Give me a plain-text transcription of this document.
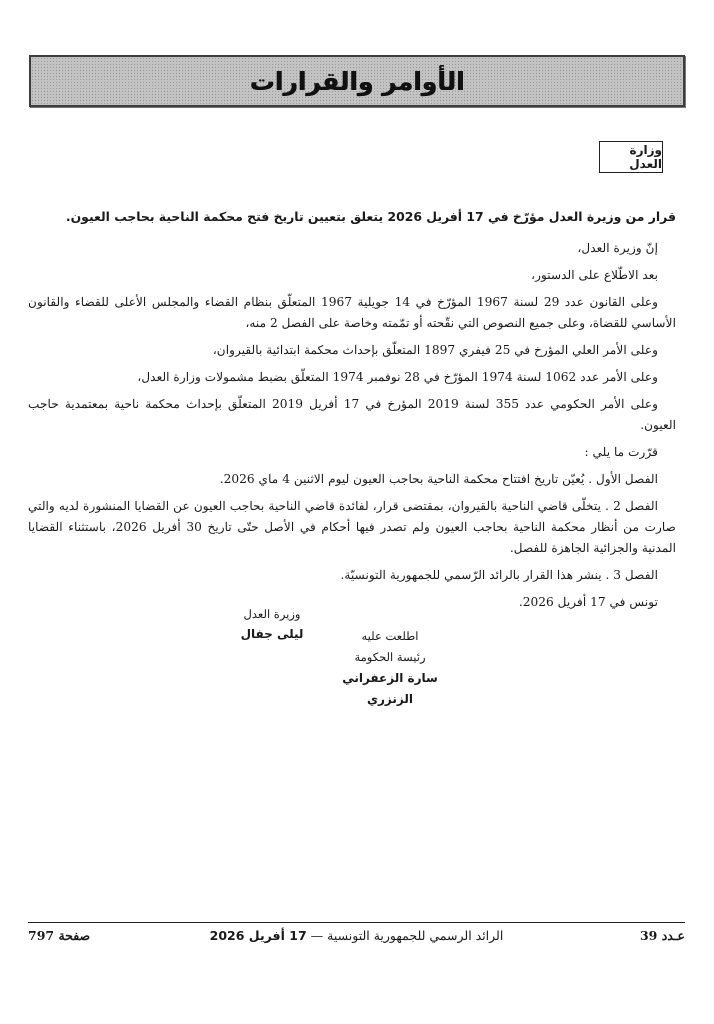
الأوامر والقرارات
وزارة العدل

قرار من وزيرة العدل مؤرّخ في 17 أفريل 2026 يتعلق بتعيين تاريخ فتح محكمة الناحية بحاجب العيون.

إنّ وزيرة العدل،

بعد الاطّلاع على الدستور،

وعلى القانون عدد 29 لسنة 1967 المؤرّخ في 14 جويلية 1967 المتعلّق بنظام القضاء والمجلس الأعلى للقضاء والقانون الأساسي للقضاة، وعلى جميع النصوص التي نقّحته أو تمّمته وخاصة على الفصل 2 منه،

وعلى الأمر العلي المؤرخ في 25 فيفري 1897 المتعلّق بإحداث محكمة ابتدائية بالقيروان،

وعلى الأمر عدد 1062 لسنة 1974 المؤرّخ في 28 نوفمبر 1974 المتعلّق بضبط مشمولات وزارة العدل،

وعلى الأمر الحكومي عدد 355 لسنة 2019 المؤرخ في 17 أفريل 2019 المتعلّق بإحداث محكمة ناحية بمعتمدية حاجب العيون.

قرّرت ما يلي :

الفصل الأول . يُعيّن تاريخ افتتاح محكمة الناحية بحاجب العيون ليوم الاثنين 4 ماي 2026.

الفصل 2 . يتخلّى قاضي الناحية بالقيروان، بمقتضى قرار، لفائدة قاضي الناحية بحاجب العيون عن القضايا المنشورة لديه والتي صارت من أنظار محكمة الناحية بحاجب العيون ولم تصدر فيها أحكام في الأصل حتّى تاريخ 30 أفريل 2026، باستثناء القضايا المدنية والجزائية الجاهزة للفصل.

الفصل 3 . ينشر هذا القرار بالرائد الرّسمي للجمهورية التونسيّة.

تونس في 17 أفريل 2026.

وزيرة العدل
ليلى جفال	اطلعت عليه
رئيسة الحكومة
سارة الزعفراني الزنزري
عـدد 39
الرائد الرسمي للجمهورية التونسية — 17 أفريل 2026
صفحة 797
